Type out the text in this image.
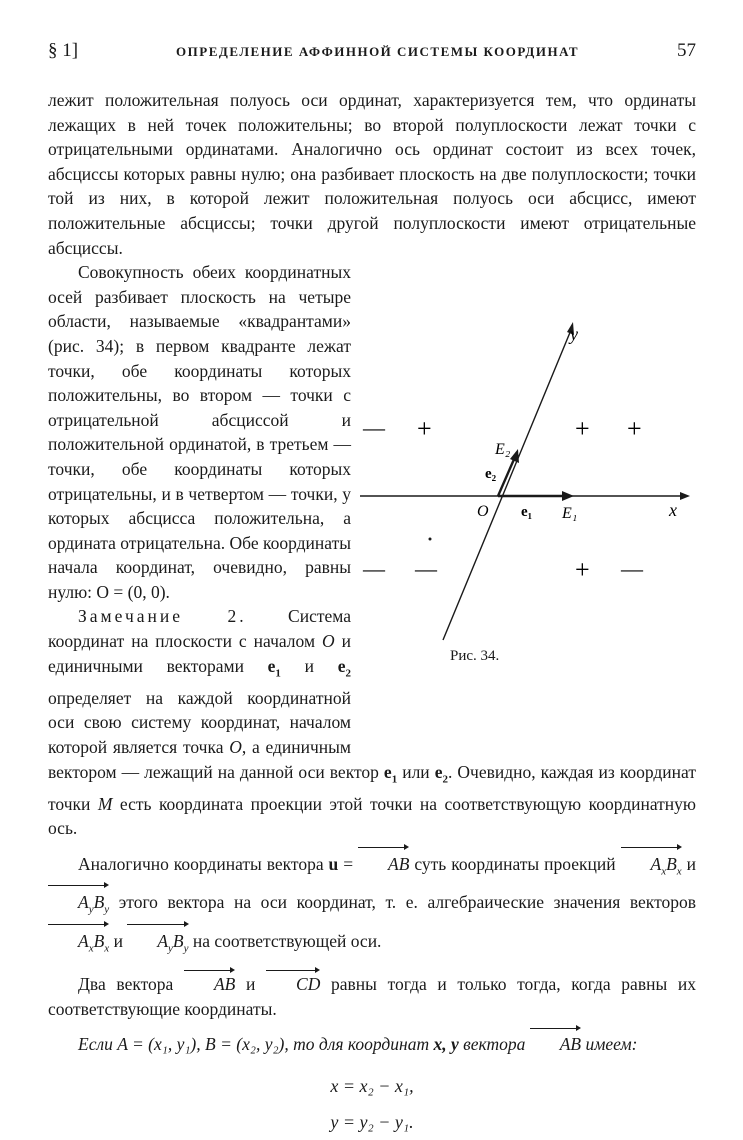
§ 1]	ОПРЕДЕЛЕНИЕ АФФИННОЙ СИСТЕМЫ КООРДИНАТ	57

лежит положительная полуось оси ординат, характеризуется тем, что ординаты лежащих в ней точек положительны; во второй полуплоскости лежат точки с отрицательными ординатами. Аналогично ось ординат состоит из всех точек, абсциссы которых равны нулю; она разбивает плоскость на две полуплоскости; точки той из них, в которой лежит положительная полуось оси абсцисс, имеют положительные абсциссы; точки другой полуплоскости имеют отрицательные абсциссы.

Совокупность обеих координатных осей разбивает плоскость на четыре области, называемые «квадрантами» (рис. 34); в первом квадранте лежат точки, обе координаты которых положительны, во втором — точки с отрицательной абсциссой и положительной ординатой, в третьем — точки, обе координаты которых отрицательны, и в четвертом — точки, у которых абсцисса положительна, а ордината отрицательна. Обе координаты начала координат, очевидно, равны нулю: O = (0, 0).

Замечание 2. Система координат на плоскости с началом O и единичными векторами $e_1$ и $e_2$ определяет на каждой координатной оси свою систему координат, началом которой является точка O, а единичным вектором — лежащий на данной оси вектор $e_1$ или $e_2$. Очевидно, каждая из координат точки M есть координата проекции этой точки на соответствующую координатную ось.

Аналогично координаты вектора u = AB суть координаты проекций $A_xB_x$ и $A_yB_y$ этого вектора на оси координат, т. е. алгебраические значения векторов $A_xB_x$ и $A_yB_y$ на соответствующей оси.

Два вектора AB и CD равны тогда и только тогда, когда равны их соответствующие координаты.

Если A = (x₁, y₁), B = (x₂, y₂), то для координат x, y вектора AB имеем:

x = x₂ − x₁,
y = y₂ − y₁.
y
x
O e₁ E₁
e₂
E₂
— +	+ +
— —	+ —
Рис. 34.
